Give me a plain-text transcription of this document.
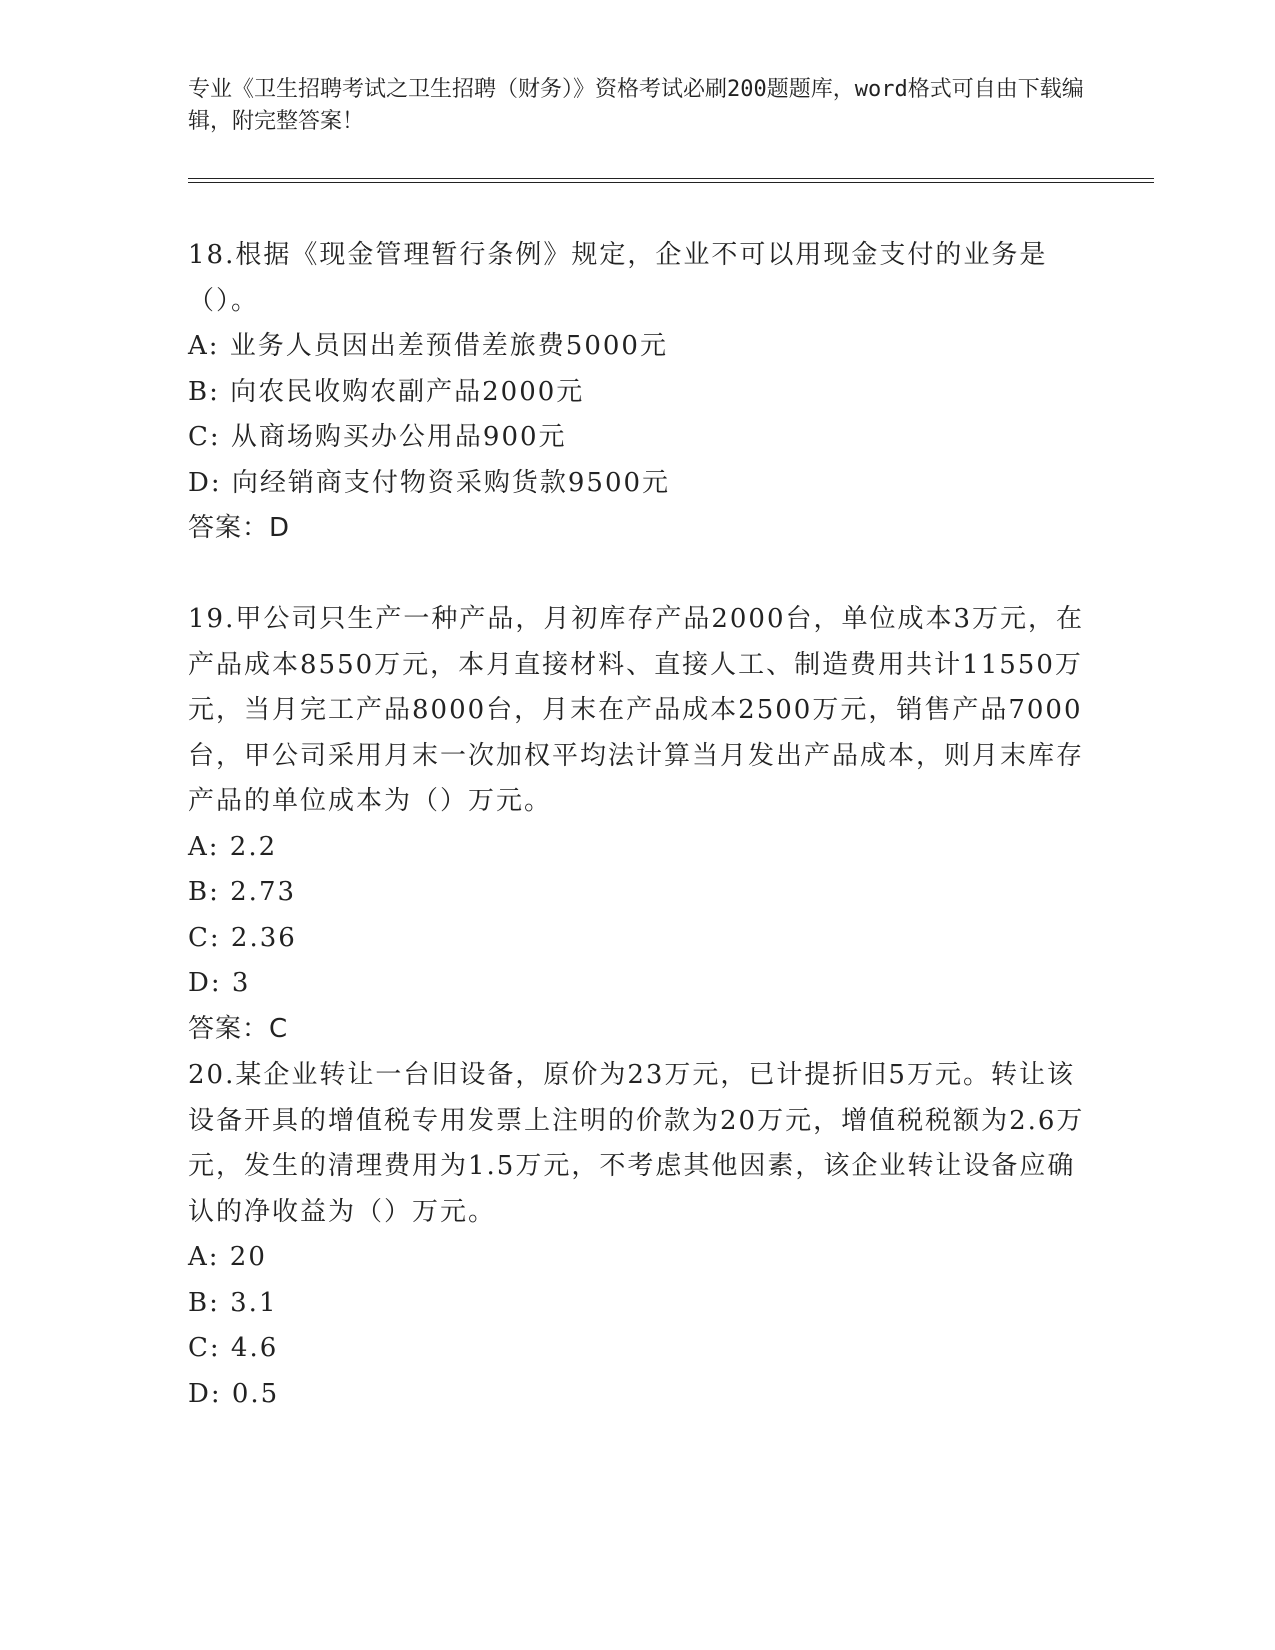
专业《卫生招聘考试之卫生招聘（财务）》资格考试必刷200题题库，word格式可自由下载编辑，附完整答案！

18.根据《现金管理暂行条例》规定，企业不可以用现金支付的业务是（）。

A: 业务人员因出差预借差旅费5000元
B: 向农民收购农副产品2000元
C: 从商场购买办公用品900元
D: 向经销商支付物资采购货款9500元

答案：D

19.甲公司只生产一种产品，月初库存产品2000台，单位成本3万元，在产品成本8550万元，本月直接材料、直接人工、制造费用共计11550万元，当月完工产品8000台，月末在产品成本2500万元，销售产品7000台，甲公司采用月末一次加权平均法计算当月发出产品成本，则月末库存产品的单位成本为（）万元。

A: 2.2
B: 2.73
C: 2.36
D: 3

答案：C

20.某企业转让一台旧设备，原价为23万元，已计提折旧5万元。转让该设备开具的增值税专用发票上注明的价款为20万元，增值税税额为2.6万元，发生的清理费用为1.5万元，不考虑其他因素，该企业转让设备应确认的净收益为（）万元。

A: 20
B: 3.1
C: 4.6
D: 0.5
